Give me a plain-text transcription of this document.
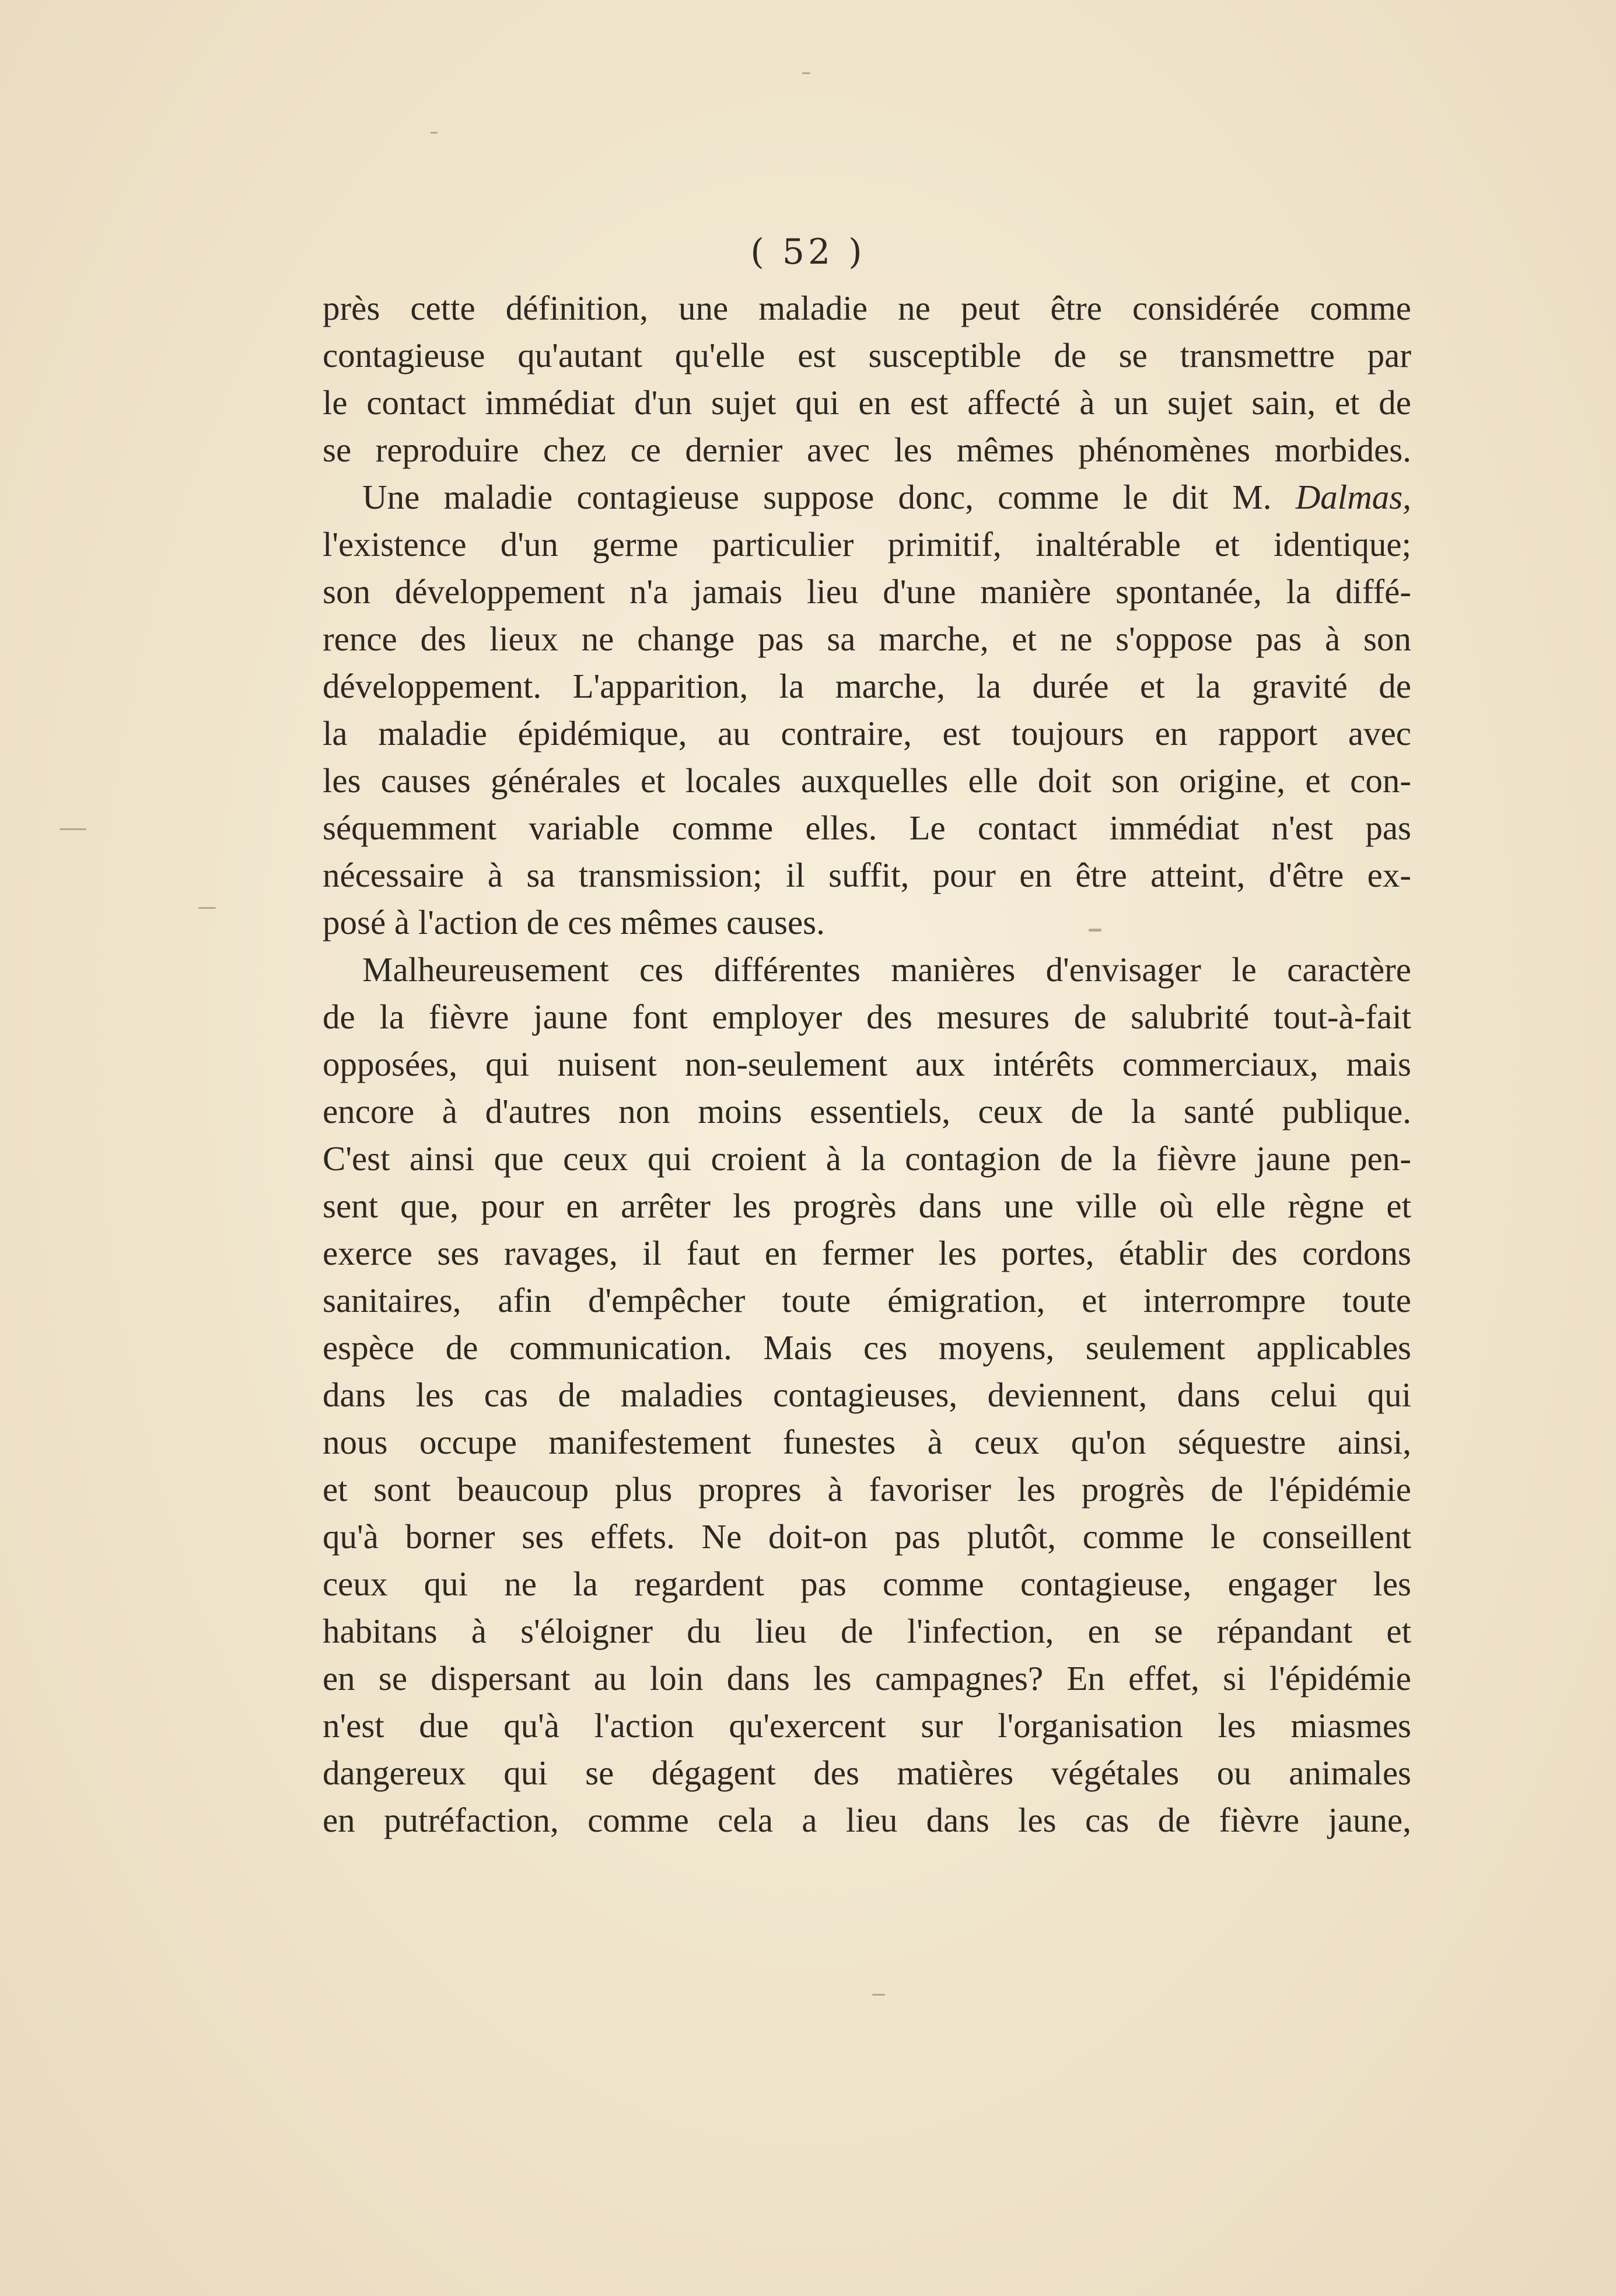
( 52 )
près cette définition, une maladie ne peut être considérée comme
contagieuse qu'autant qu'elle est susceptible de se transmettre par
le contact immédiat d'un sujet qui en est affecté à un sujet sain, et de
se reproduire chez ce dernier avec les mêmes phénomènes morbides.
Une maladie contagieuse suppose donc, comme le dit M. Dalmas,
l'existence d'un germe particulier primitif, inaltérable et identique;
son développement n'a jamais lieu d'une manière spontanée, la diffé-
rence des lieux ne change pas sa marche, et ne s'oppose pas à son
développement. L'apparition, la marche, la durée et la gravité de
la maladie épidémique, au contraire, est toujours en rapport avec
les causes générales et locales auxquelles elle doit son origine, et con-
séquemment variable comme elles. Le contact immédiat n'est pas
nécessaire à sa transmission; il suffit, pour en être atteint, d'être ex-
posé à l'action de ces mêmes causes.
Malheureusement ces différentes manières d'envisager le caractère
de la fièvre jaune font employer des mesures de salubrité tout-à-fait
opposées, qui nuisent non-seulement aux intérêts commerciaux, mais
encore à d'autres non moins essentiels, ceux de la santé publique.
C'est ainsi que ceux qui croient à la contagion de la fièvre jaune pen-
sent que, pour en arrêter les progrès dans une ville où elle règne et
exerce ses ravages, il faut en fermer les portes, établir des cordons
sanitaires, afin d'empêcher toute émigration, et interrompre toute
espèce de communication. Mais ces moyens, seulement applicables
dans les cas de maladies contagieuses, deviennent, dans celui qui
nous occupe manifestement funestes à ceux qu'on séquestre ainsi,
et sont beaucoup plus propres à favoriser les progrès de l'épidémie
qu'à borner ses effets. Ne doit-on pas plutôt, comme le conseillent
ceux qui ne la regardent pas comme contagieuse, engager les
habitans à s'éloigner du lieu de l'infection, en se répandant et
en se dispersant au loin dans les campagnes? En effet, si l'épidémie
n'est due qu'à l'action qu'exercent sur l'organisation les miasmes
dangereux qui se dégagent des matières végétales ou animales
en putréfaction, comme cela a lieu dans les cas de fièvre jaune,
